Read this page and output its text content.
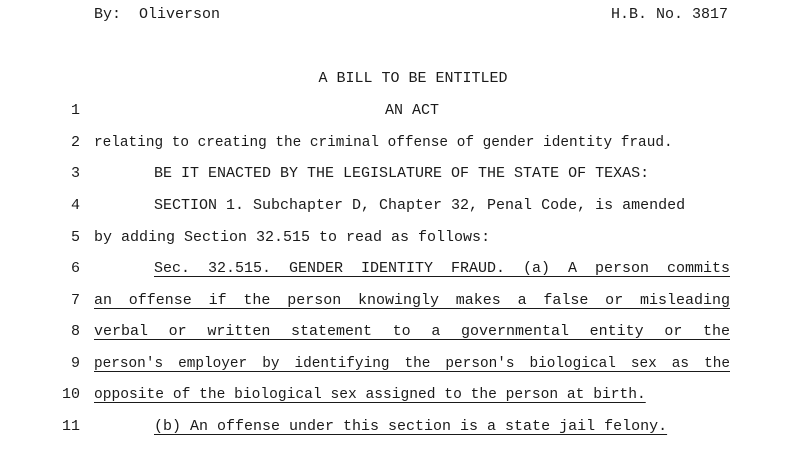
By:  Oliverson	H.B. No. 3817
A BILL TO BE ENTITLED
1	AN ACT
2 relating to creating the criminal offense of gender identity fraud.
3	BE IT ENACTED BY THE LEGISLATURE OF THE STATE OF TEXAS:
4	SECTION 1. Subchapter D, Chapter 32, Penal Code, is amended
5 by adding Section 32.515 to read as follows:
6	Sec. 32.515. GENDER IDENTITY FRAUD. (a) A person commits
7 an offense if the person knowingly makes a false or misleading
8 verbal or written statement to a governmental entity or the
9 person's employer by identifying the person's biological sex as the
10 opposite of the biological sex assigned to the person at birth.
11	(b) An offense under this section is a state jail felony.
